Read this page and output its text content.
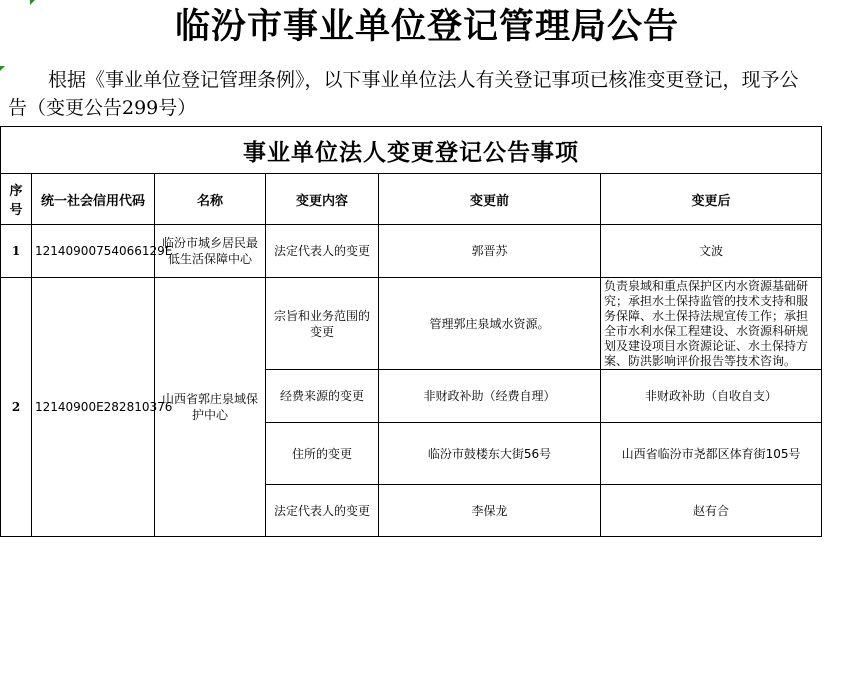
临汾市事业单位登记管理局公告
根据《事业单位登记管理条例》，以下事业单位法人有关登记事项已核准变更登记，现予公告（变更公告299号）
事业单位法人变更登记公告事项					
序号	统一社会信用代码	名称	变更内容	变更前	变更后
1	12140900754066129E	临汾市城乡居民最低生活保障中心	法定代表人的变更	郭晋苏	文波
2	12140900E282810376	山西省郭庄泉域保护中心	宗旨和业务范围的变更	管理郭庄泉域水资源。	负责泉域和重点保护区内水资源基础研究；承担水土保持监管的技术支持和服务保障、水土保持法规宣传工作；承担全市水利水保工程建设、水资源科研规划及建设项目水资源论证、水土保持方案、防洪影响评价报告等技术咨询。
			经费来源的变更	非财政补助（经费自理）	非财政补助（自收自支）
			住所的变更	临汾市鼓楼东大街56号	山西省临汾市尧都区体育街105号
			法定代表人的变更	李保龙	赵有合
